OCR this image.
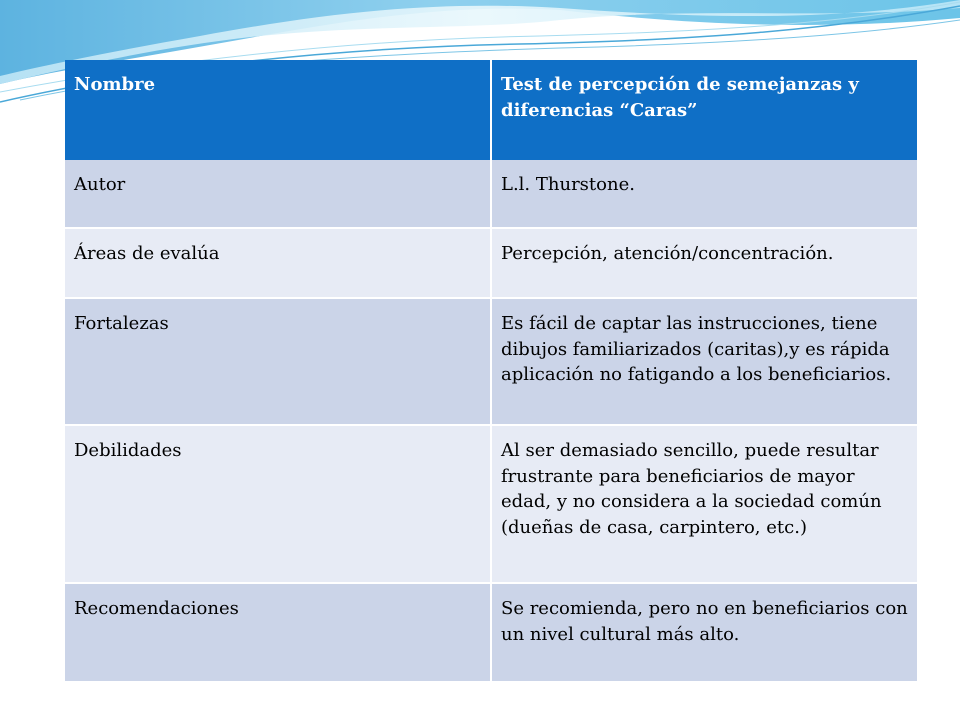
Nombre	Test de percepción de semejanzas y diferencias “Caras”
Autor	L.l. Thurstone.
Áreas de evalúa	Percepción, atención/concentración.
Fortalezas	Es fácil de captar las instrucciones, tiene dibujos familiarizados (caritas),y es rápida aplicación no fatigando a los beneficiarios.
Debilidades	Al ser demasiado sencillo, puede resultar frustrante para beneficiarios de mayor edad, y no considera a la sociedad común (dueñas de casa, carpintero, etc.)
Recomendaciones	Se recomienda, pero no en beneficiarios con un nivel cultural más alto.
